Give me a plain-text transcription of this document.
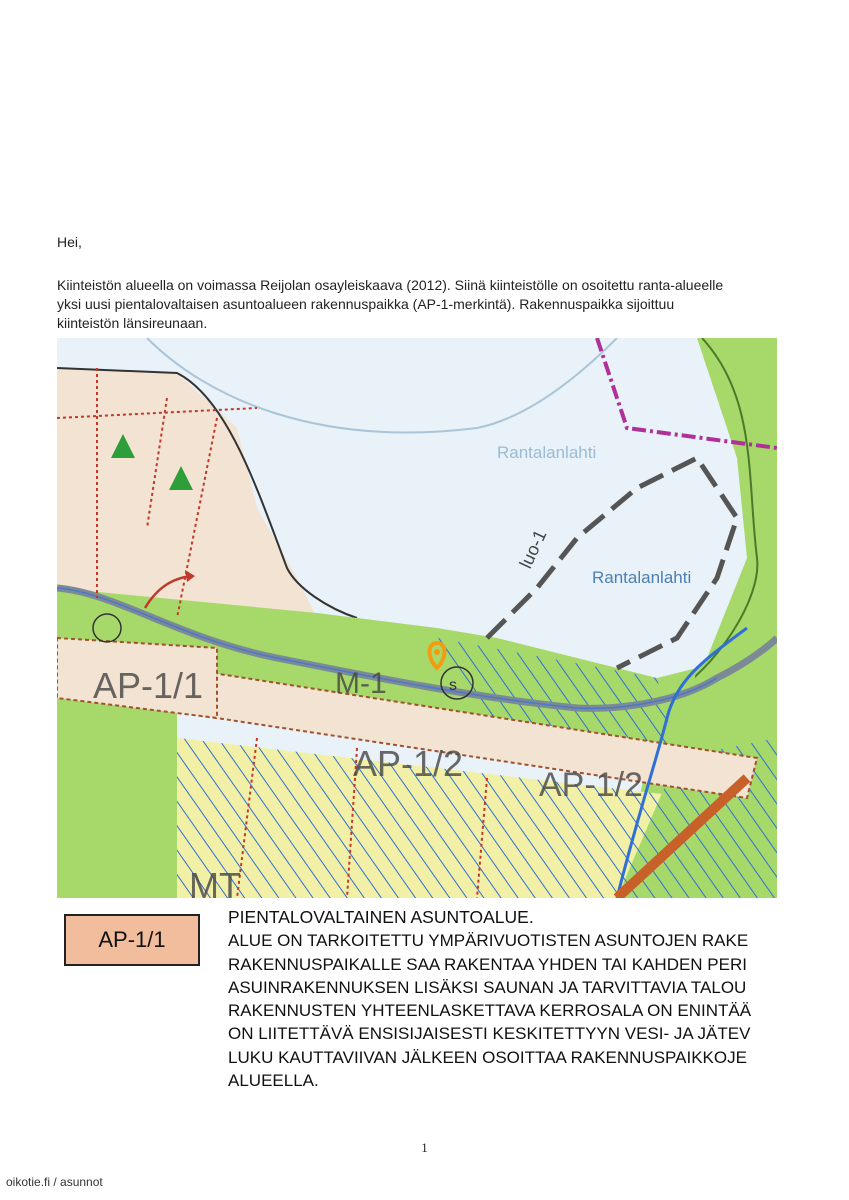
Hei,

Kiinteistön alueella on voimassa Reijolan osayleiskaava (2012). Siinä kiinteistölle on osoitettu ranta-alueelle
yksi uusi pientalovaltaisen asuntoalueen rakennuspaikka (AP-1-merkintä). Rakennuspaikka sijoittuu
kiinteistön länsireunaan.

Rantalanlahti
Rantalanlahti
luo-1
AP-1/1	M-1
AP-1/2
AP-1/2
MT
s
AP-1/1
PIENTALOVALTAINEN ASUNTOALUE.
ALUE ON TARKOITETTU YMPÄRIVUOTISTEN ASUNTOJEN RAKE
RAKENNUSPAIKALLE SAA RAKENTAA YHDEN TAI KAHDEN PERI
ASUINRAKENNUKSEN LISÄKSI SAUNAN JA TARVITTAVIA TALOU
RAKENNUSTEN YHTEENLASKETTAVA KERROSALA ON ENINTÄÄ
ON LIITETTÄVÄ ENSISIJAISESTI KESKITETTYYN VESI- JA JÄTEV
LUKU KAUTTAVIIVAN JÄLKEEN OSOITTAA RAKENNUSPAIKKOJE
ALUEELLA.
1
oikotie.fi / asunnot
